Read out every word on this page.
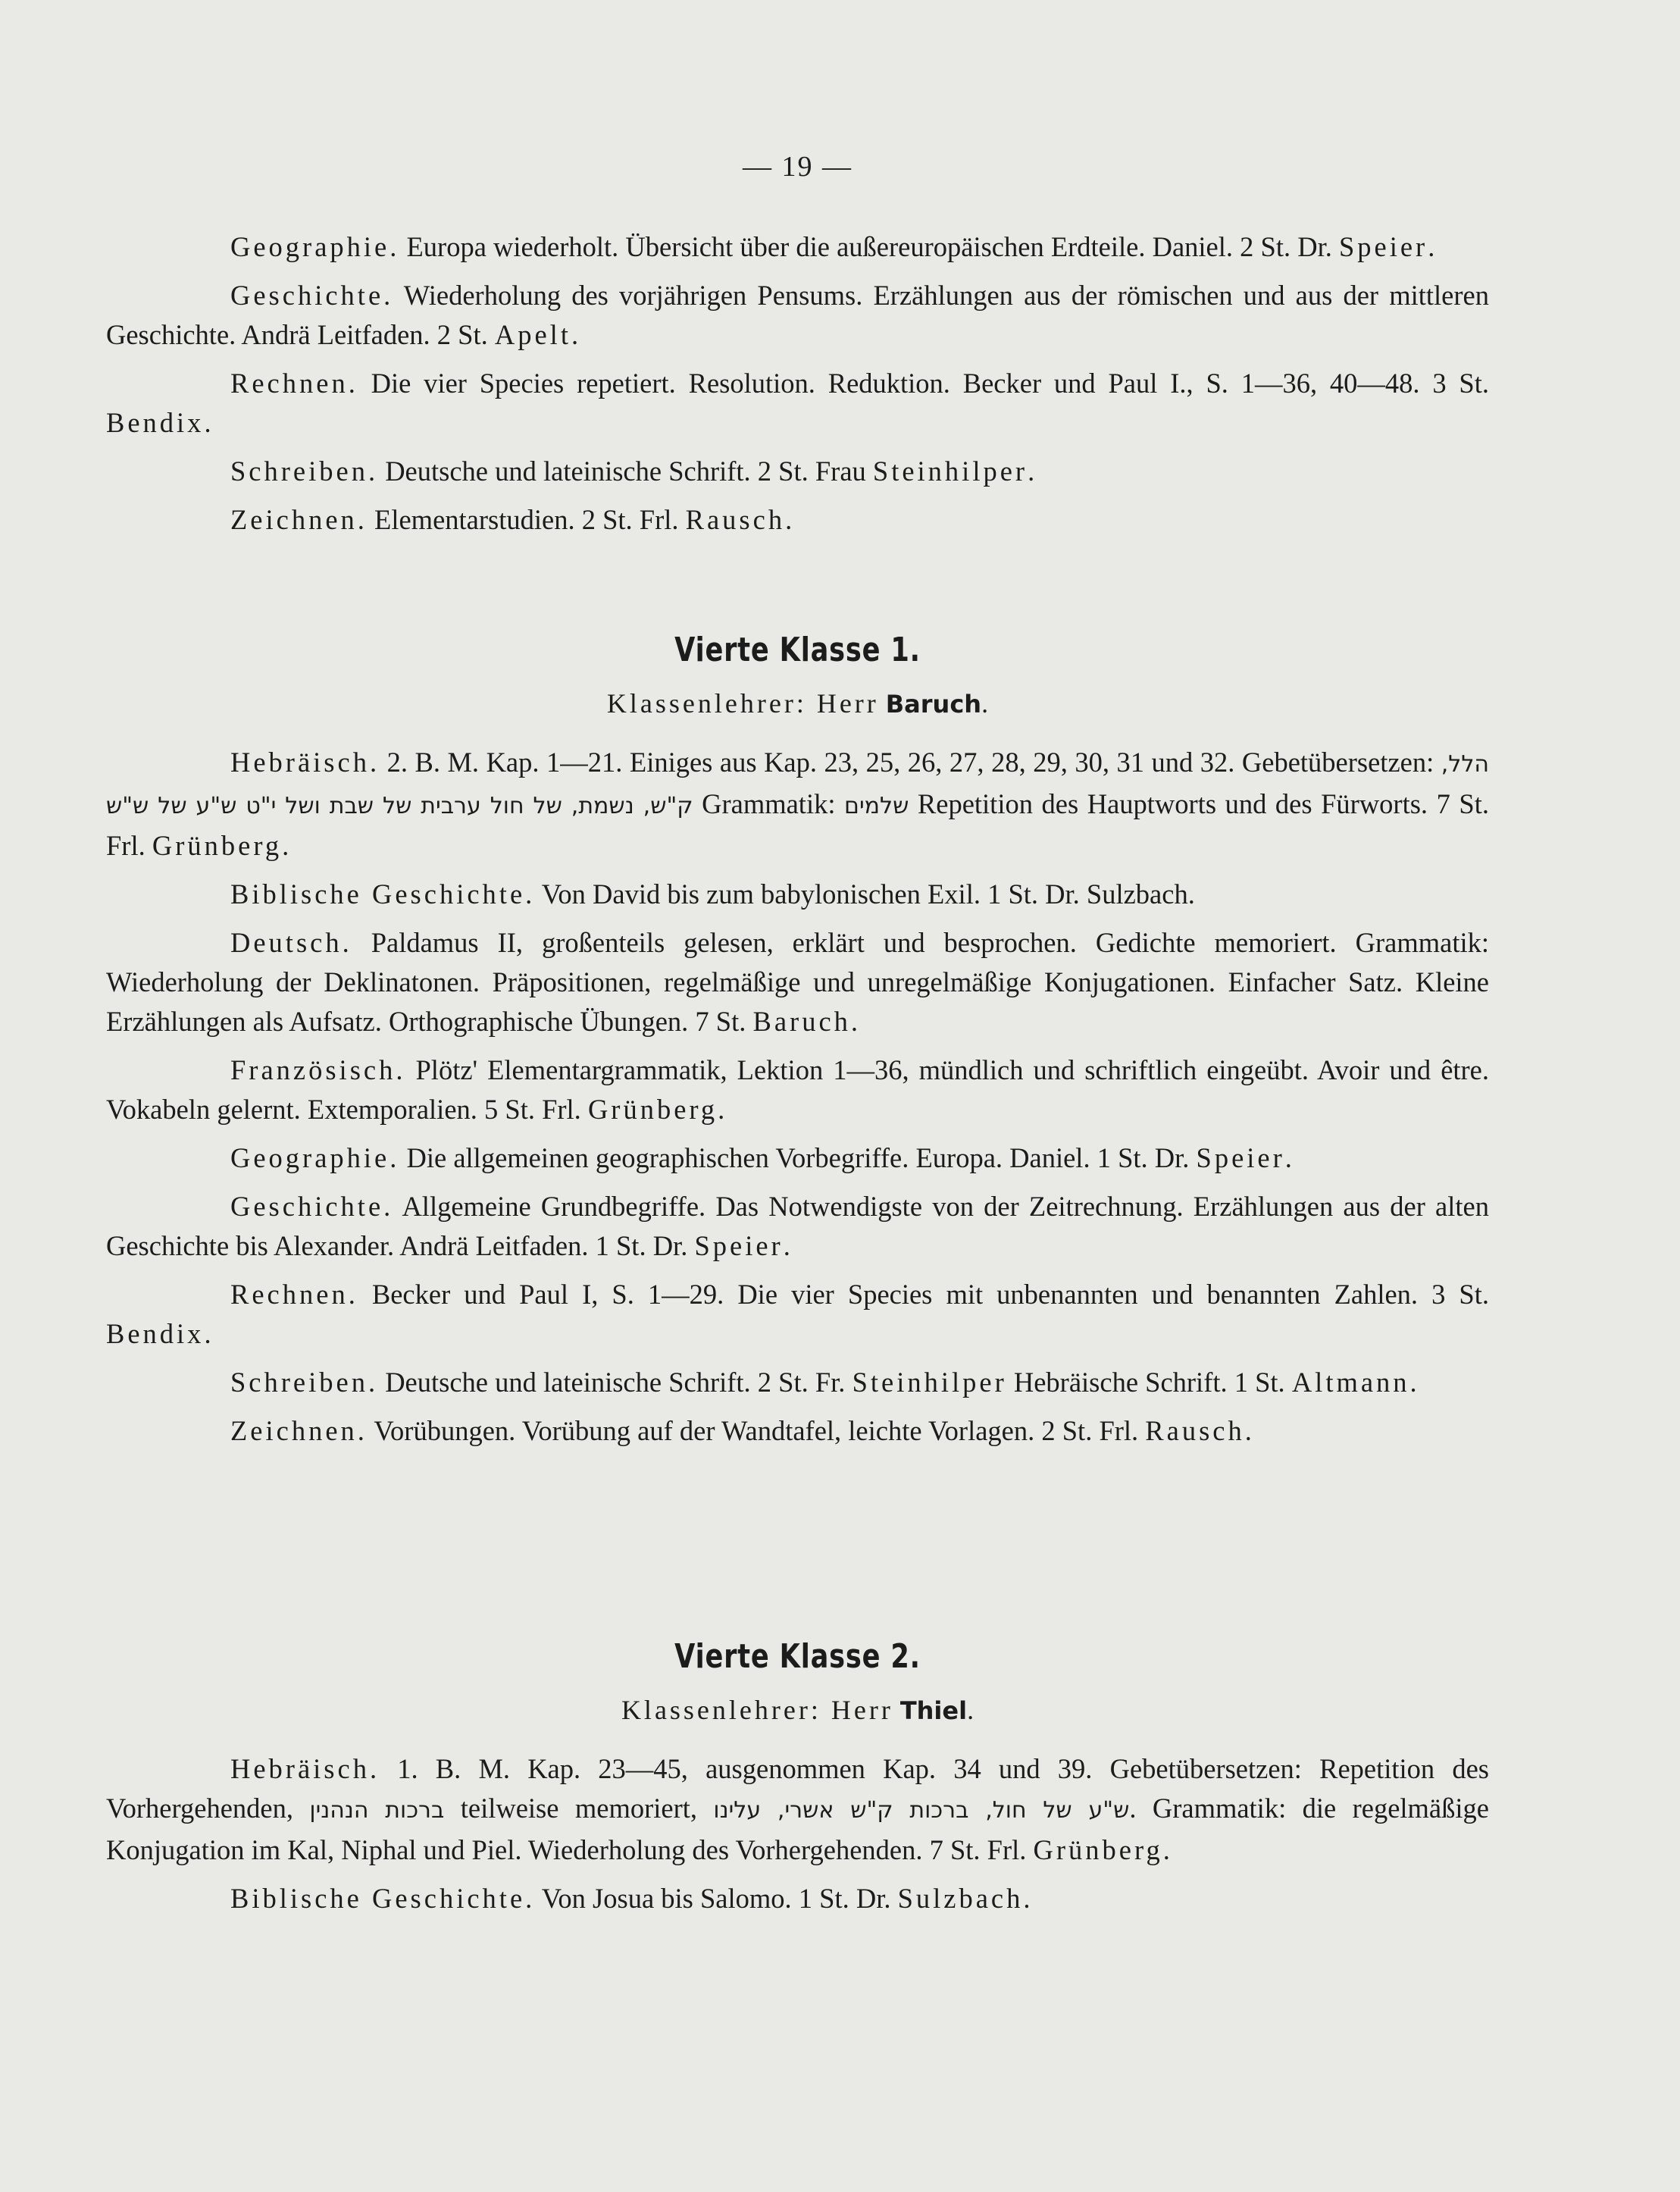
— 19 —

Geographie. Europa wiederholt. Übersicht über die außereuropäischen Erdteile. Daniel. 2 St. Dr. Speier.

Geschichte. Wiederholung des vorjährigen Pensums. Erzählungen aus der römischen und aus der mittleren Geschichte. Andrä Leitfaden. 2 St. Apelt.

Rechnen. Die vier Species repetiert. Resolution. Reduktion. Becker und Paul I., S. 1—36, 40—48. 3 St. Bendix.

Schreiben. Deutsche und lateinische Schrift. 2 St. Frau Steinhilper.

Zeichnen. Elementarstudien. 2 St. Frl. Rausch.

Vierte Klasse 1.
Klassenlehrer: Herr Baruch.

Hebräisch. 2. B. M. Kap. 1—21. Einiges aus Kap. 23, 25, 26, 27, 28, 29, 30, 31 und 32. Gebetübersetzen: הלל, ק"ש, נשמת, של חול ערבית של שבת ושל י"ט ש"ע של ש"ש Grammatik: שלמים Repetition des Hauptworts und des Fürworts. 7 St. Frl. Grünberg.

Biblische Geschichte. Von David bis zum babylonischen Exil. 1 St. Dr. Sulzbach.

Deutsch. Paldamus II, großenteils gelesen, erklärt und besprochen. Gedichte memoriert. Grammatik: Wiederholung der Deklinatonen. Präpositionen, regelmäßige und unregelmäßige Konjugationen. Einfacher Satz. Kleine Erzählungen als Aufsatz. Orthographische Übungen. 7 St. Baruch.

Französisch. Plötz' Elementargrammatik, Lektion 1—36, mündlich und schriftlich eingeübt. Avoir und être. Vokabeln gelernt. Extemporalien. 5 St. Frl. Grünberg.

Geographie. Die allgemeinen geographischen Vorbegriffe. Europa. Daniel. 1 St. Dr. Speier.

Geschichte. Allgemeine Grundbegriffe. Das Notwendigste von der Zeitrechnung. Erzählungen aus der alten Geschichte bis Alexander. Andrä Leitfaden. 1 St. Dr. Speier.

Rechnen. Becker und Paul I, S. 1—29. Die vier Species mit unbenannten und benannten Zahlen. 3 St. Bendix.

Schreiben. Deutsche und lateinische Schrift. 2 St. Fr. Steinhilper Hebräische Schrift. 1 St. Altmann.

Zeichnen. Vorübungen. Vorübung auf der Wandtafel, leichte Vorlagen. 2 St. Frl. Rausch.

Vierte Klasse 2.
Klassenlehrer: Herr Thiel.

Hebräisch. 1. B. M. Kap. 23—45, ausgenommen Kap. 34 und 39. Gebetübersetzen: Repetition des Vorhergehenden, ברכות הנהנין teilweise memoriert, ש"ע של חול, ברכות ק"ש אשרי, עלינו. Grammatik: die regelmäßige Konjugation im Kal, Niphal und Piel. Wiederholung des Vorhergehenden. 7 St. Frl. Grünberg.

Biblische Geschichte. Von Josua bis Salomo. 1 St. Dr. Sulzbach.
